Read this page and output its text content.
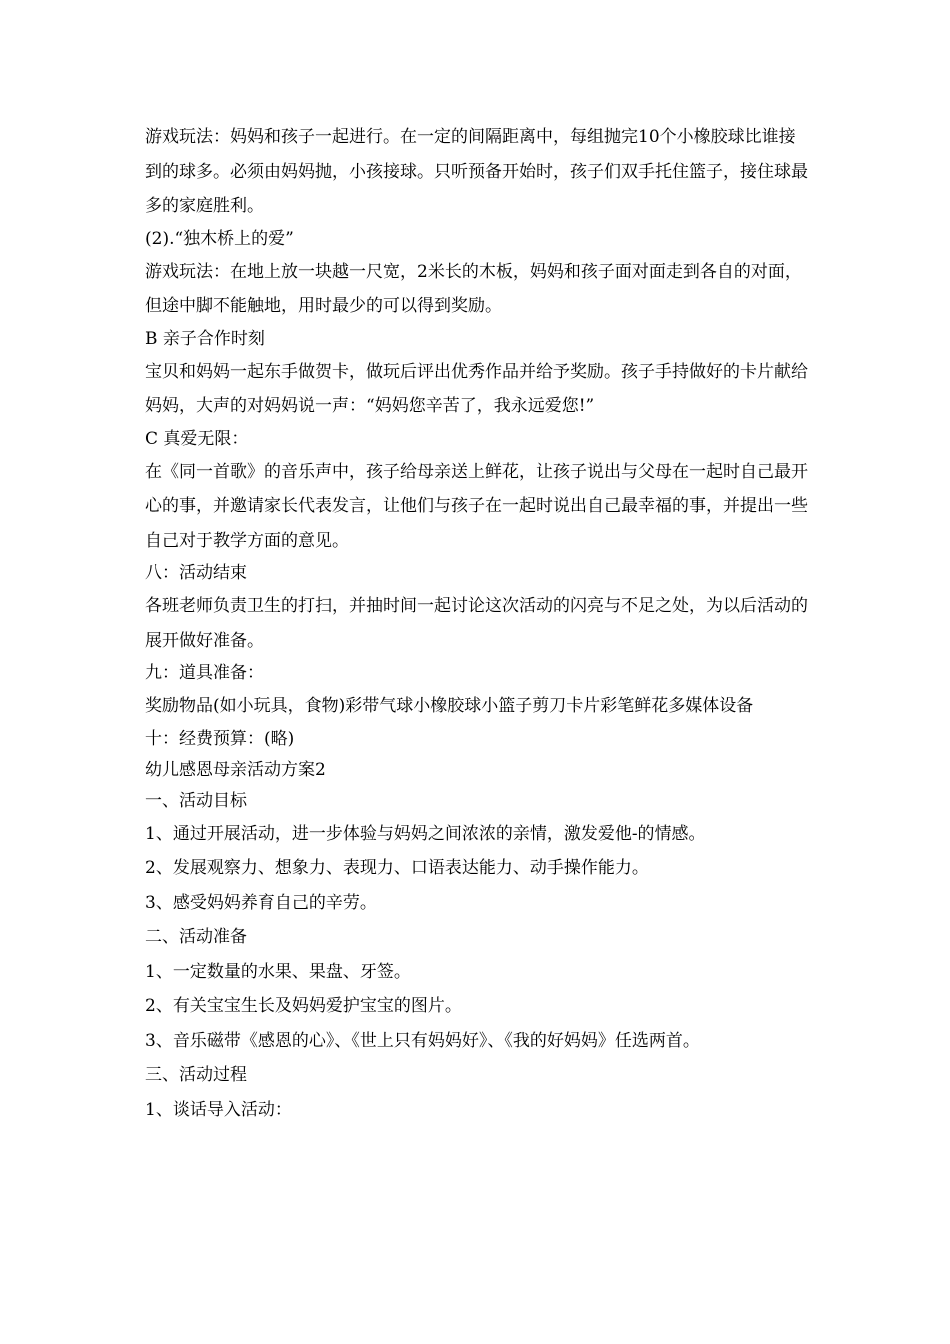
游戏玩法：妈妈和孩子一起进行。在一定的间隔距离中，每组抛完10个小橡胶球比谁接到的球多。必须由妈妈抛，小孩接球。只听预备开始时，孩子们双手托住篮子，接住球最多的家庭胜利。

(2).“独木桥上的爱”

游戏玩法：在地上放一块越一尺宽，2米长的木板，妈妈和孩子面对面走到各自的对面，但途中脚不能触地，用时最少的可以得到奖励。

B 亲子合作时刻

宝贝和妈妈一起东手做贺卡，做玩后评出优秀作品并给予奖励。孩子手持做好的卡片献给妈妈，大声的对妈妈说一声：“妈妈您辛苦了，我永远爱您!”

C 真爱无限：

在《同一首歌》的音乐声中，孩子给母亲送上鲜花，让孩子说出与父母在一起时自己最开心的事，并邀请家长代表发言，让他们与孩子在一起时说出自己最幸福的事，并提出一些自己对于教学方面的意见。

八：活动结束

各班老师负责卫生的打扫，并抽时间一起讨论这次活动的闪亮与不足之处，为以后活动的展开做好准备。

九：道具准备：

奖励物品(如小玩具，食物)彩带气球小橡胶球小篮子剪刀卡片彩笔鲜花多媒体设备

十：经费预算：(略)

幼儿感恩母亲活动方案2

一、活动目标

1、通过开展活动，进一步体验与妈妈之间浓浓的亲情，激发爱他-的情感。

2、发展观察力、想象力、表现力、口语表达能力、动手操作能力。

3、感受妈妈养育自己的辛劳。

二、活动准备

1、一定数量的水果、果盘、牙签。

2、有关宝宝生长及妈妈爱护宝宝的图片。

3、音乐磁带《感恩的心》、《世上只有妈妈好》、《我的好妈妈》任选两首。

三、活动过程

1、谈话导入活动：
